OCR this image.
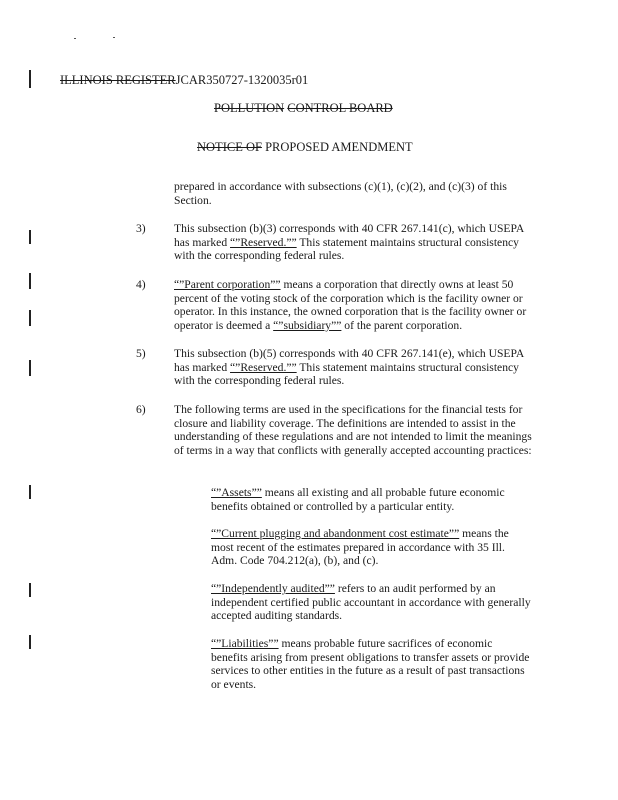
ILLINOIS REGISTERJCAR350727-1320035r01
POLLUTION CONTROL BOARD
NOTICE OF PROPOSED AMENDMENT
prepared in accordance with subsections (c)(1), (c)(2), and (c)(3) of this Section.
3) This subsection (b)(3) corresponds with 40 CFR 267.141(c), which USEPA has marked “”Reserved.”” This statement maintains structural consistency with the corresponding federal rules.
4) “”Parent corporation”” means a corporation that directly owns at least 50 percent of the voting stock of the corporation which is the facility owner or operator. In this instance, the owned corporation that is the facility owner or operator is deemed a “”subsidiary”” of the parent corporation.
5) This subsection (b)(5) corresponds with 40 CFR 267.141(e), which USEPA has marked “”Reserved.”” This statement maintains structural consistency with the corresponding federal rules.
6) The following terms are used in the specifications for the financial tests for closure and liability coverage. The definitions are intended to assist in the understanding of these regulations and are not intended to limit the meanings of terms in a way that conflicts with generally accepted accounting practices:
“”Assets”” means all existing and all probable future economic benefits obtained or controlled by a particular entity.
“”Current plugging and abandonment cost estimate”” means the most recent of the estimates prepared in accordance with 35 Ill. Adm. Code 704.212(a), (b), and (c).
“”Independently audited”” refers to an audit performed by an independent certified public accountant in accordance with generally accepted auditing standards.
“”Liabilities”” means probable future sacrifices of economic benefits arising from present obligations to transfer assets or provide services to other entities in the future as a result of past transactions or events.
